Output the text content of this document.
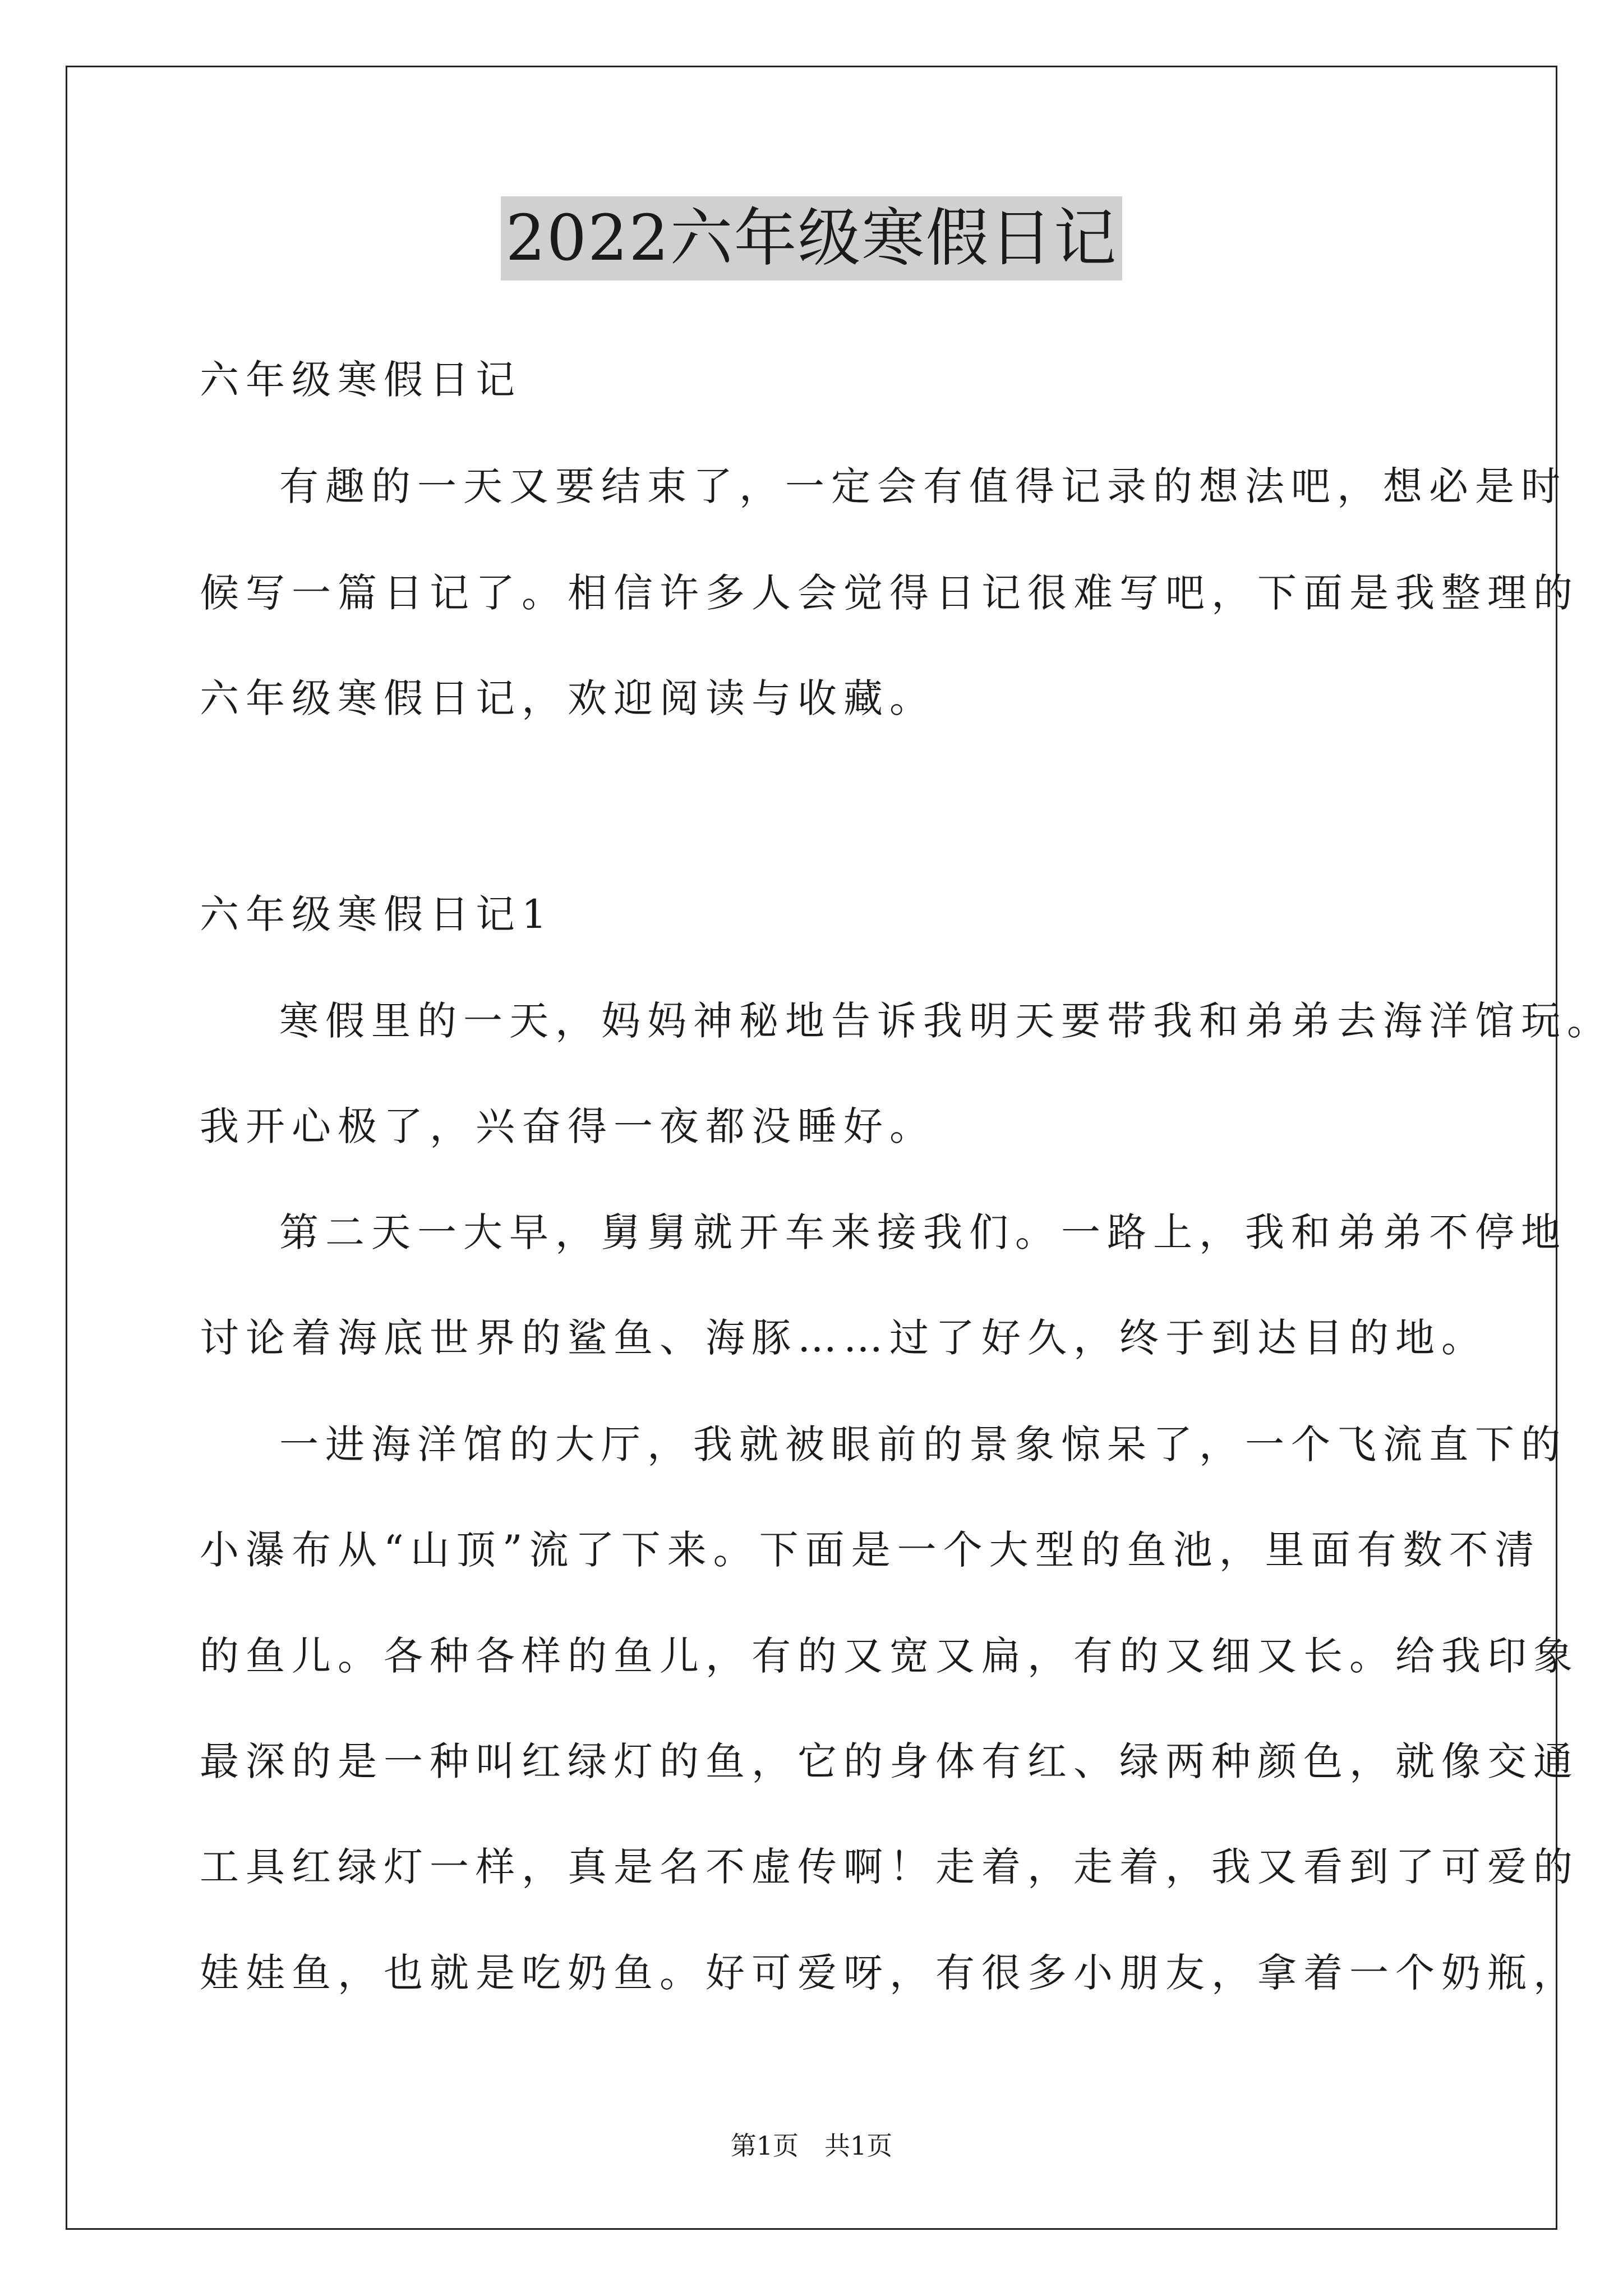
2022六年级寒假日记
六年级寒假日记
有趣的一天又要结束了，一定会有值得记录的想法吧，想必是时
候写一篇日记了。相信许多人会觉得日记很难写吧，下面是我整理的
六年级寒假日记，欢迎阅读与收藏。
六年级寒假日记1
寒假里的一天，妈妈神秘地告诉我明天要带我和弟弟去海洋馆玩。
我开心极了，兴奋得一夜都没睡好。
第二天一大早，舅舅就开车来接我们。一路上，我和弟弟不停地
讨论着海底世界的鲨鱼、海豚……过了好久，终于到达目的地。
一进海洋馆的大厅，我就被眼前的景象惊呆了，一个飞流直下的
小瀑布从“山顶”流了下来。下面是一个大型的鱼池，里面有数不清
的鱼儿。各种各样的鱼儿，有的又宽又扁，有的又细又长。给我印象
最深的是一种叫红绿灯的鱼，它的身体有红、绿两种颜色，就像交通
工具红绿灯一样，真是名不虚传啊！走着，走着，我又看到了可爱的
娃娃鱼，也就是吃奶鱼。好可爱呀，有很多小朋友，拿着一个奶瓶，
第1页　共1页
